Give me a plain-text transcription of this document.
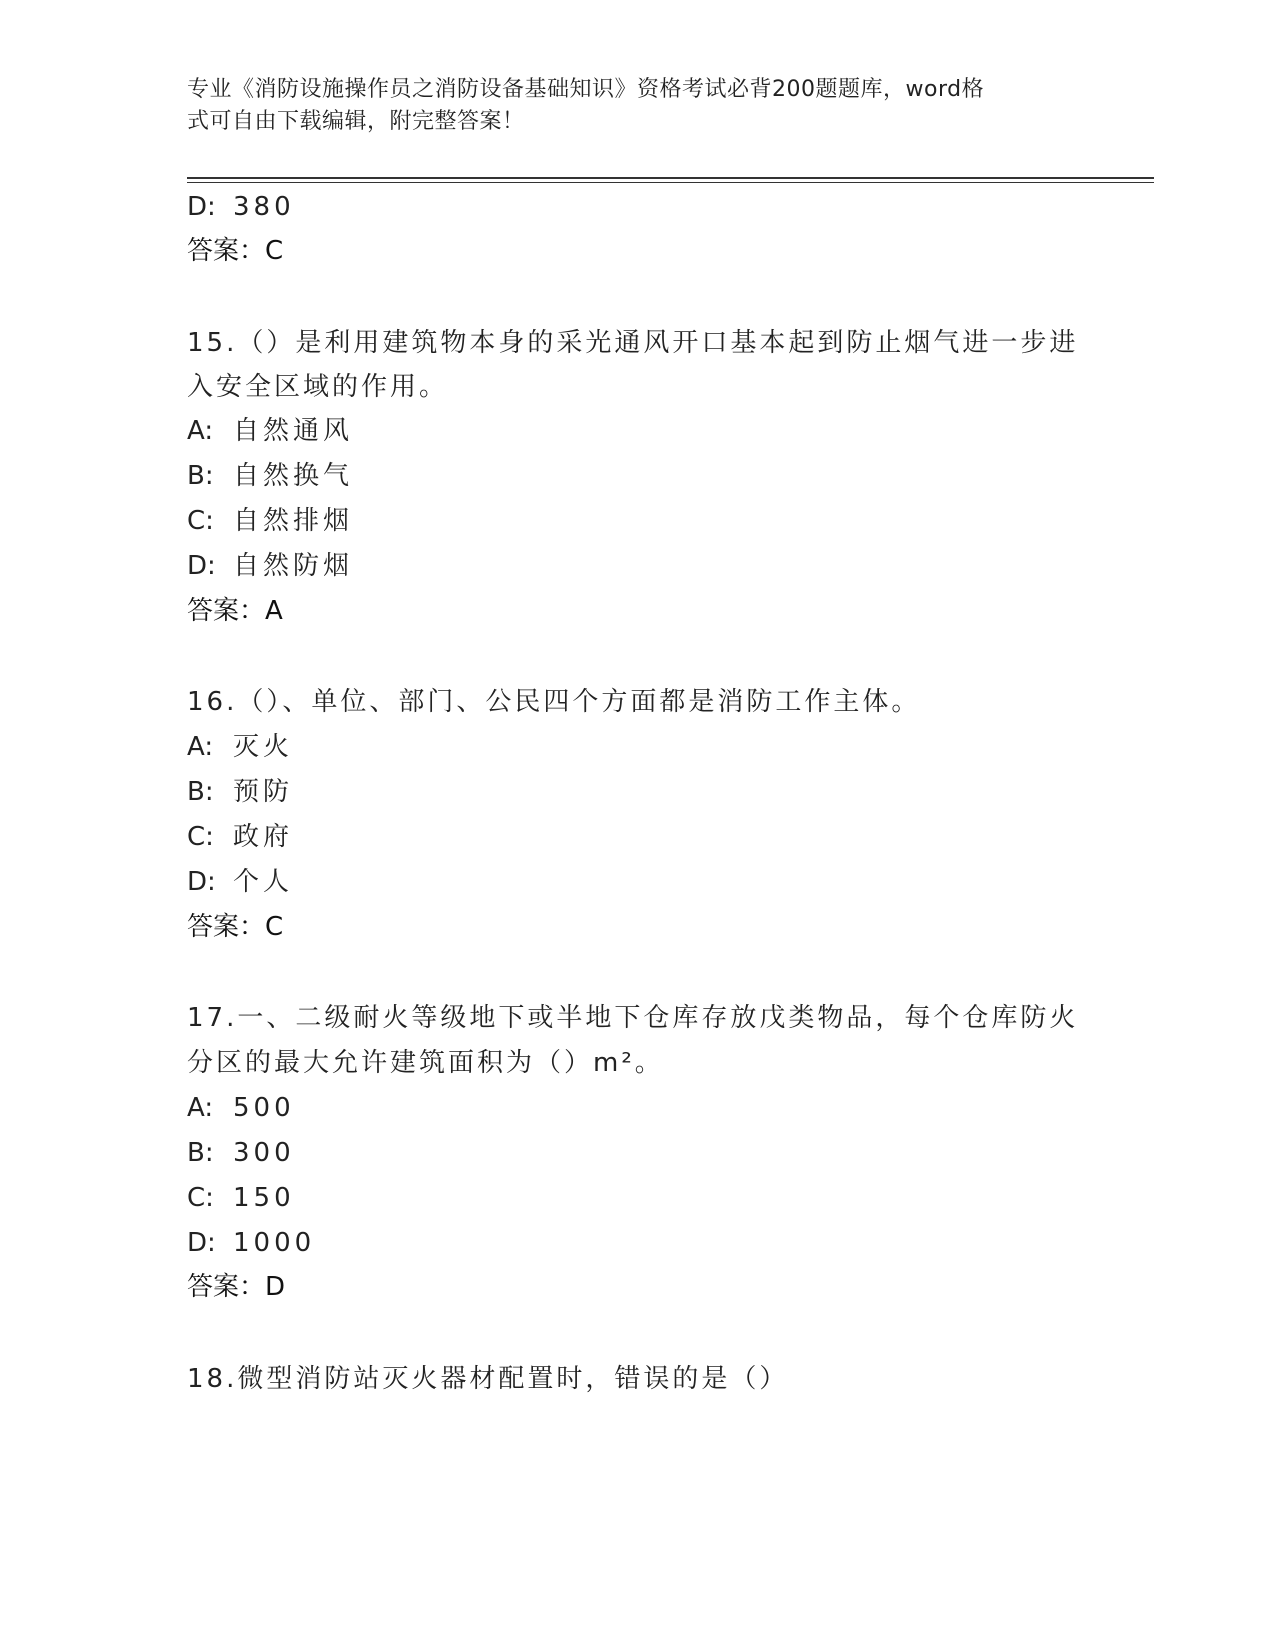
专业《消防设施操作员之消防设备基础知识》资格考试必背200题题库，word格
式可自由下载编辑，附完整答案！
D: 380
答案：C
15.（）是利用建筑物本身的采光通风开口基本起到防止烟气进一步进
入安全区域的作用。
A: 自然通风
B: 自然换气
C: 自然排烟
D: 自然防烟
答案：A
16.（）、单位、部门、公民四个方面都是消防工作主体。
A: 灭火
B: 预防
C: 政府
D: 个人
答案：C
17.一、二级耐火等级地下或半地下仓库存放戊类物品，每个仓库防火
分区的最大允许建筑面积为（）m²。
A: 500
B: 300
C: 150
D: 1000
答案：D
18.微型消防站灭火器材配置时，错误的是（）
